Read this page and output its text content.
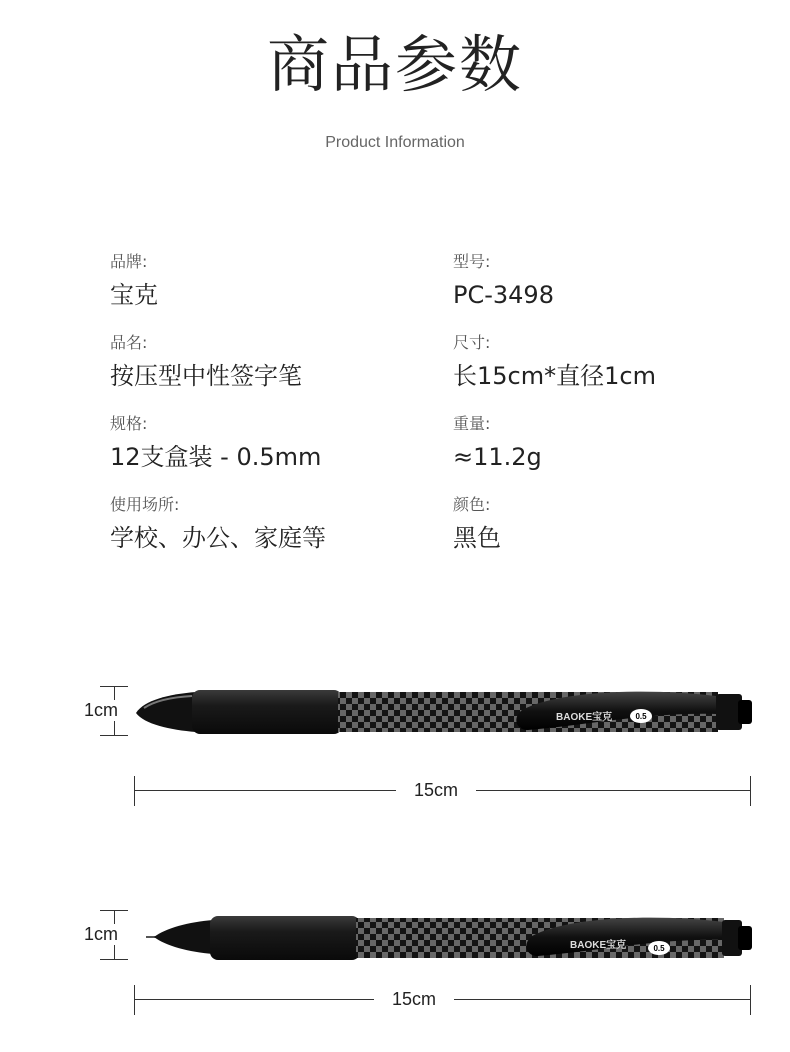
商品参数
Product Information
品牌:
宝克
型号:
PC-3498
品名:
按压型中性签字笔
尺寸:
长15cm*直径1cm
规格:
12支盒装 - 0.5mm
重量:
≈11.2g
使用场所:
学校、办公、家庭等
颜色:
黑色
1cm	BAOKE宝克	0.5
15cm
1cm
BAOKE宝克	0.5
15cm
